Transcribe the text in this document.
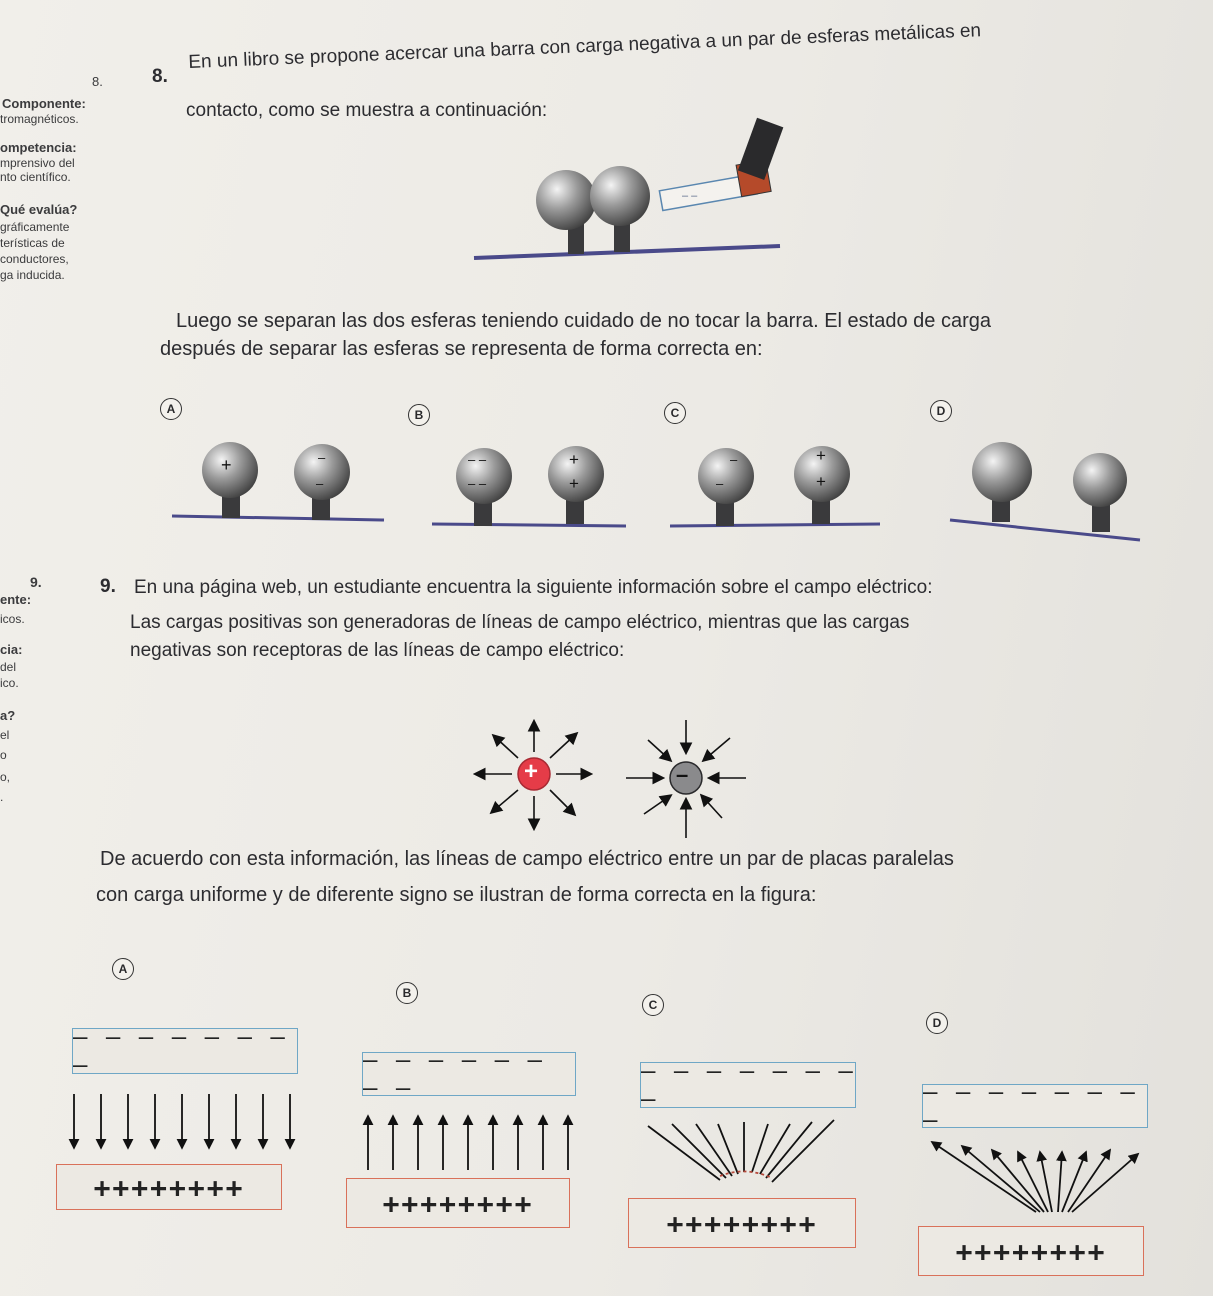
8.
Componente:
tromagnéticos.
ompetencia:
mprensivo del
nto científico.
Qué evalúa?
gráficamente
terísticas de
conductores,
ga inducida.
8.
En un libro se propone acercar una barra con carga negativa a un par de esferas metálicas en
contacto, como se muestra a continuación:
– –
Luego se separan las dos esferas teniendo cuidado de no tocar la barra. El estado de carga
después de separar las esferas se representa de forma correcta en:
A	B	C	D
+	–
–
– –
– –
+
+
–
–
+
+
9.
ente:
icos.
cia:
del
ico.
a?
el
o
o,
.
9. En una página web, un estudiante encuentra la siguiente información sobre el campo eléctrico:
Las cargas positivas son generadoras de líneas de campo eléctrico, mientras que las cargas
negativas son receptoras de las líneas de campo eléctrico:
+	–
De acuerdo con esta información, las líneas de campo eléctrico entre un par de placas paralelas
con carga uniforme y de diferente signo se ilustran de forma correcta en la figura:
A
B
C
D
– – – – – – – –
++++++++
– – – – – – – –
++++++++
– – – – – – – –
++++++++
– – – – – – – –
++++++++
